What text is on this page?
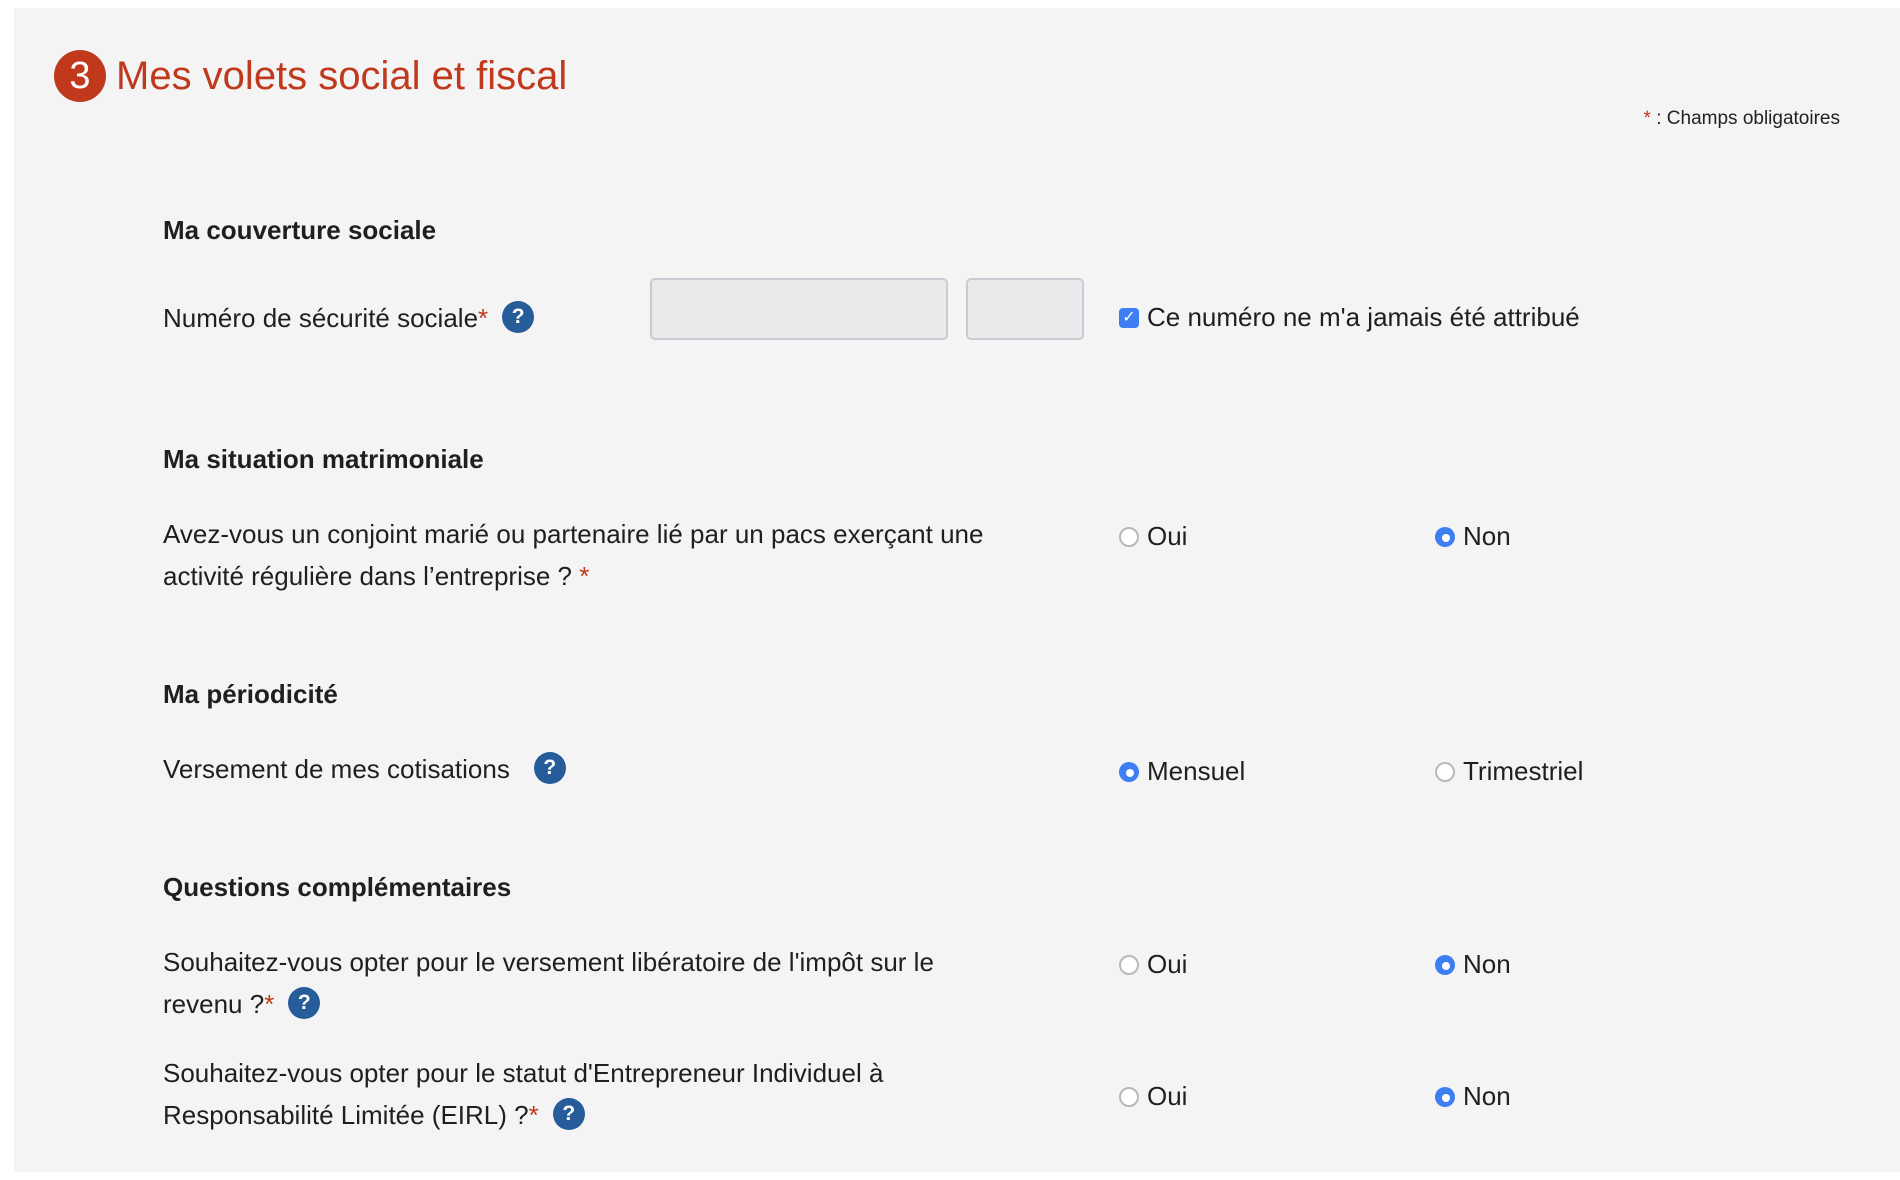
3 Mes volets social et fiscal
* : Champs obligatoires
Ma couverture sociale
Numéro de sécurité sociale* ?	✓ Ce numéro ne m'a jamais été attribué
Ma situation matrimoniale
Avez-vous un conjoint marié ou partenaire lié par un pacs exerçant une
activité régulière dans l’entreprise ? *
Oui	Non
Ma périodicité
Versement de mes cotisations ?	Mensuel	Trimestriel
Questions complémentaires
Souhaitez-vous opter pour le versement libératoire de l'impôt sur le
revenu ?* ?
Oui	Non
Souhaitez-vous opter pour le statut d'Entrepreneur Individuel à
Responsabilité Limitée (EIRL) ?* ?
Oui	Non
